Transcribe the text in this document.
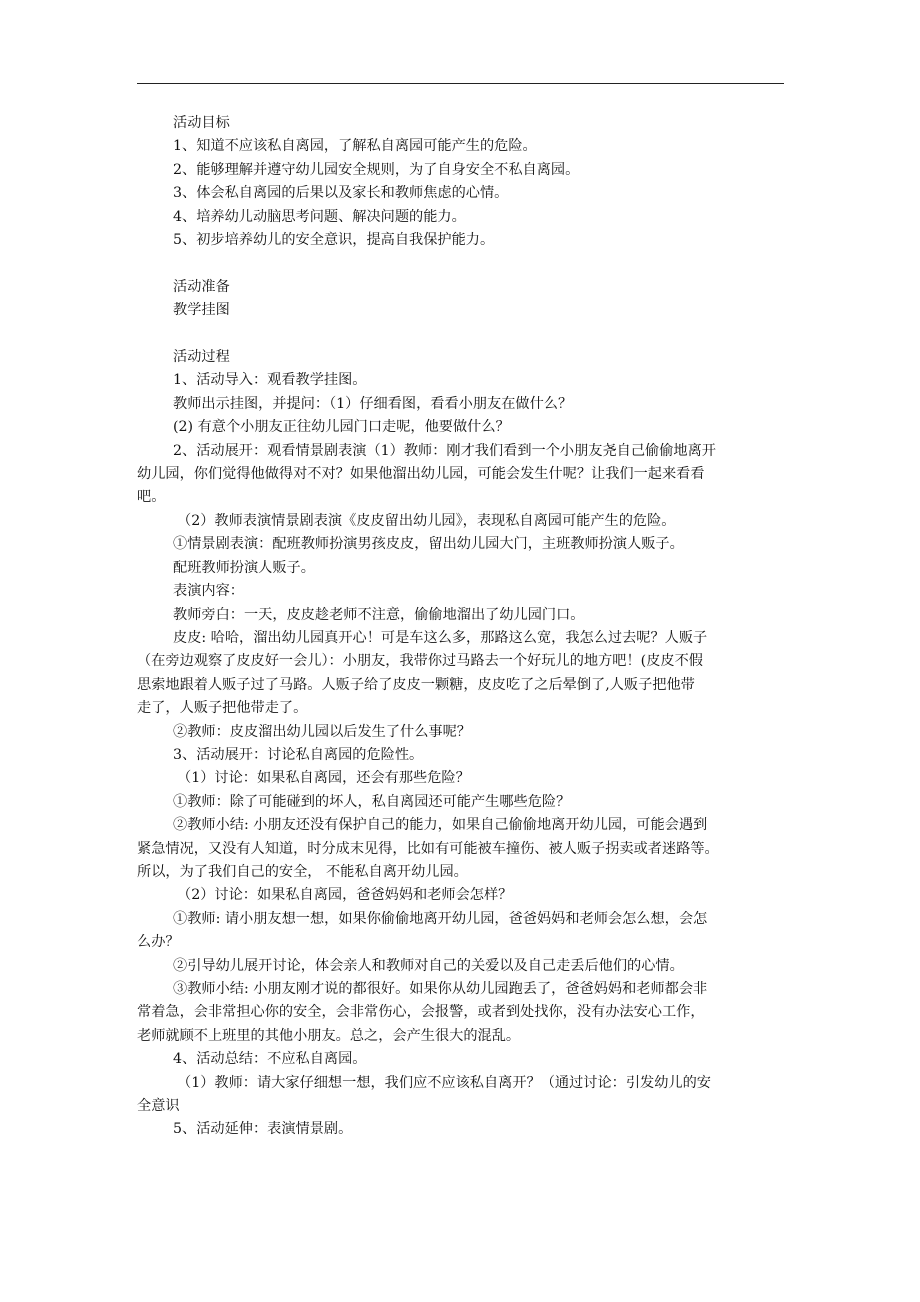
活动目标

1、知道不应该私自离园，了解私自离园可能产生的危险。

2、能够理解并遵守幼儿园安全规则，为了自身安全不私自离园。

3、体会私自离园的后果以及家长和教师焦虑的心情。

4、培养幼儿动脑思考问题、解决问题的能力。

5、初步培养幼儿的安全意识，提高自我保护能力。

活动准备

教学挂图

活动过程

1、活动导入：观看教学挂图。

教师出示挂图，并提问：（1）仔细看图，看看小朋友在做什么？

(2) 有意个小朋友正往幼儿园门口走呢，他要做什么？

2、活动展开：观看情景剧表演（1）教师：刚才我们看到一个小朋友尧自己偷偷地离开

幼儿园，你们觉得他做得对不对？如果他溜出幼儿园，可能会发生什呢？让我们一起来看看

吧。

（2）教师表演情景剧表演《皮皮留出幼儿园》，表现私自离园可能产生的危险。

①情景剧表演：配班教师扮演男孩皮皮，留出幼儿园大门，主班教师扮演人贩子。

配班教师扮演人贩子。

表演内容：

教师旁白：一天，皮皮趁老师不注意，偷偷地溜出了幼儿园门口。

皮皮: 哈哈，溜出幼儿园真开心！可是车这么多，那路这么宽，我怎么过去呢？人贩子

（在旁边观察了皮皮好一会儿）：小朋友，我带你过马路去一个好玩儿的地方吧！(皮皮不假

思索地跟着人贩子过了马路。人贩子给了皮皮一颗糖，皮皮吃了之后晕倒了,人贩子把他带

走了，人贩子把他带走了。

②教师：皮皮溜出幼儿园以后发生了什么事呢？

3、活动展开：讨论私自离园的危险性。

（1）讨论：如果私自离园，还会有那些危险？

①教师：除了可能碰到的坏人，私自离园还可能产生哪些危险？

②教师小结: 小朋友还没有保护自己的能力，如果自己偷偷地离开幼儿园，可能会遇到

紧急情况，又没有人知道，时分成末见得，比如有可能被车撞伤、被人贩子拐卖或者迷路等。

所以，为了我们自己的安全， 不能私自离开幼儿园。

（2）讨论：如果私自离园，爸爸妈妈和老师会怎样？

①教师: 请小朋友想一想，如果你偷偷地离开幼儿园，爸爸妈妈和老师会怎么想，会怎

么办？

②引导幼儿展开讨论，体会亲人和教师对自己的关爱以及自己走丢后他们的心情。

③教师小结: 小朋友刚才说的都很好。如果你从幼儿园跑丢了，爸爸妈妈和老师都会非

常着急，会非常担心你的安全，会非常伤心，会报警，或者到处找你，没有办法安心工作，

老师就顾不上班里的其他小朋友。总之，会产生很大的混乱。

4、活动总结：不应私自离园。

（1）教师：请大家仔细想一想，我们应不应该私自离开？（通过讨论：引发幼儿的安

全意识

5、活动延伸：表演情景剧。
